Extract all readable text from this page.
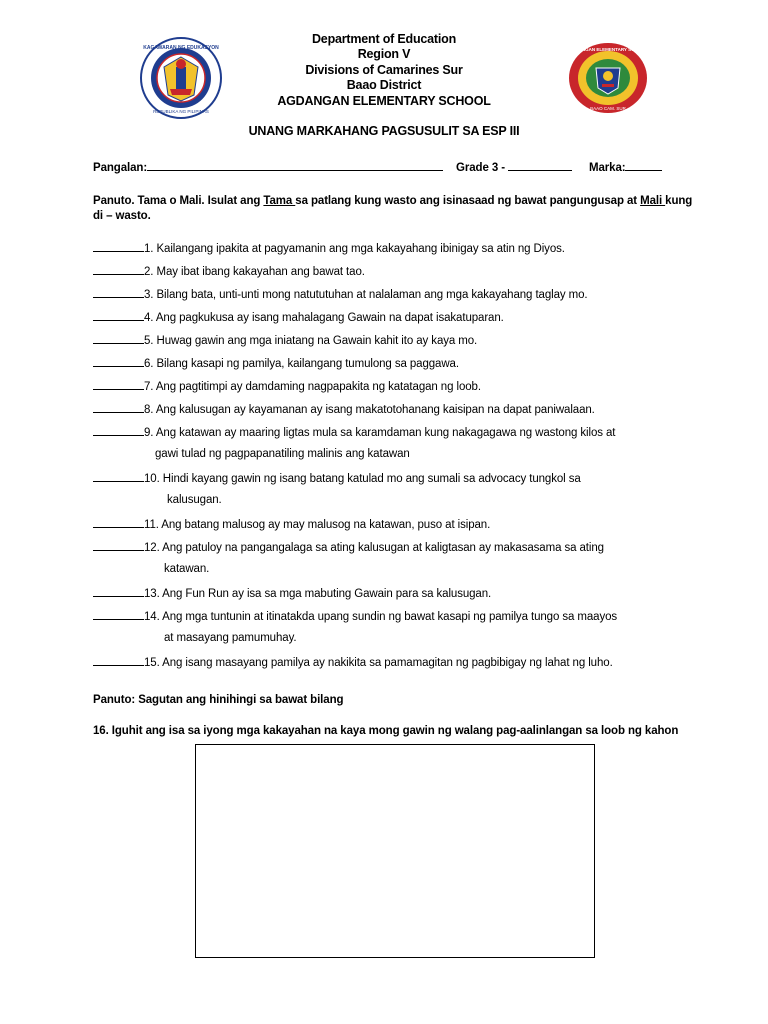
KAGAWARAN NG EDUKASYON
REPUBLIKA NG PILIPINAS
AGDANGAN ELEMENTARY SCHOOL
BAAO CAM. SUR
Department of Education
Region V
Divisions of Camarines Sur
Baao District
AGDANGAN ELEMENTARY SCHOOL
UNANG MARKAHANG PAGSUSULIT SA ESP III
Pangalan:	Grade 3 -	Marka:
Panuto. Tama o Mali. Isulat ang Tama sa patlang kung wasto ang isinasaad ng bawat pangungusap at Mali kung
di – wasto.
1. Kailangang ipakita at pagyamanin ang mga kakayahang ibinigay sa atin ng Diyos.
2. May ibat ibang kakayahan ang bawat tao.
3. Bilang bata, unti-unti mong natututuhan at nalalaman ang mga kakayahang taglay mo.
4. Ang pagkukusa ay isang mahalagang Gawain na dapat isakatuparan.
5. Huwag gawin ang mga iniatang na Gawain kahit ito ay kaya mo.
6. Bilang kasapi ng pamilya, kailangang tumulong sa paggawa.
7. Ang pagtitimpi ay damdaming nagpapakita ng katatagan ng loob.
8. Ang kalusugan ay kayamanan ay isang makatotohanang kaisipan na dapat paniwalaan.
9. Ang katawan ay maaring ligtas mula sa karamdaman kung nakagagawa ng wastong kilos at
gawi tulad ng pagpapanatiling malinis ang katawan
10. Hindi kayang gawin ng isang batang katulad mo ang sumali sa advocacy tungkol sa
kalusugan.
11. Ang batang malusog ay may malusog na katawan, puso at isipan.
12. Ang patuloy na pangangalaga sa ating kalusugan at kaligtasan ay makasasama sa ating
katawan.
13. Ang Fun Run ay isa sa mga mabuting Gawain para sa kalusugan.
14. Ang mga tuntunin at itinatakda upang sundin ng bawat kasapi ng pamilya tungo sa maayos
at masayang pamumuhay.
15. Ang isang masayang pamilya ay nakikita sa pamamagitan ng pagbibigay ng lahat ng luho.
Panuto: Sagutan ang hinihingi sa bawat bilang
16. Iguhit ang isa sa iyong mga kakayahan na kaya mong gawin ng walang pag-aalinlangan sa loob ng kahon
